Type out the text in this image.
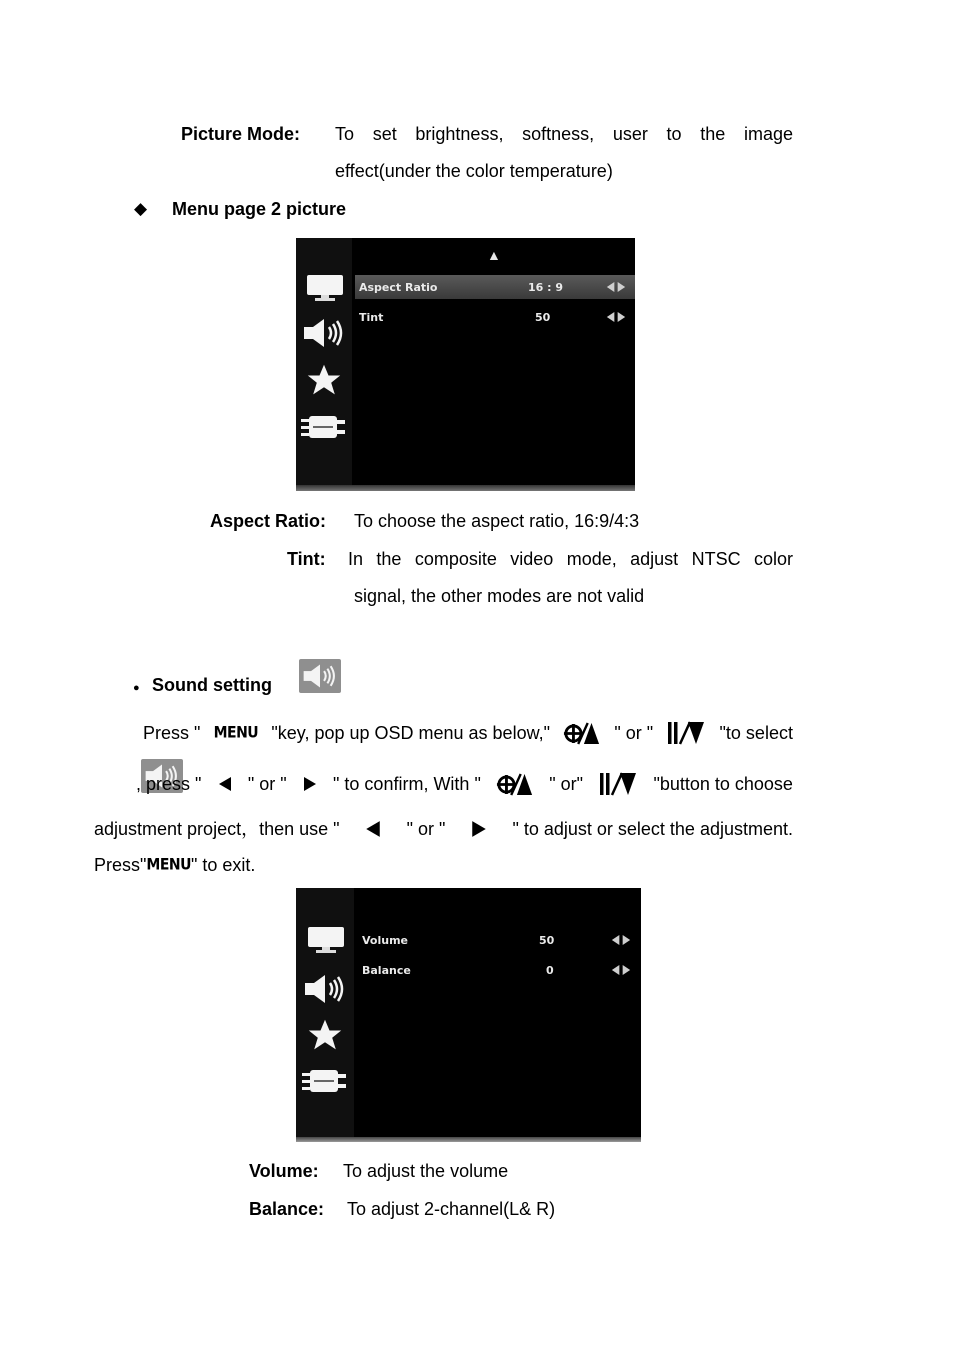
Picture Mode: To set brightness, softness, user to the image
effect(under the color temperature)
◆ Menu page 2 picture
▲
Aspect Ratio	16 : 9
Tint	50
Aspect Ratio: To choose the aspect ratio, 16:9/4:3
Tint: In the composite video mode, adjust NTSC color
signal, the other modes are not valid
● Sound setting

Press " MENU "key, pop up OSD menu as below,"	" or "	"to select
, press "	" or "	" to confirm, With "	" or"	"button to choose
adjustment project，then use "	" or "	" to adjust or select the adjustment.
Press" MENU " to exit.
Volume	50
Balance	0
Volume: To adjust the volume
Balance: To adjust 2-channel(L& R)
